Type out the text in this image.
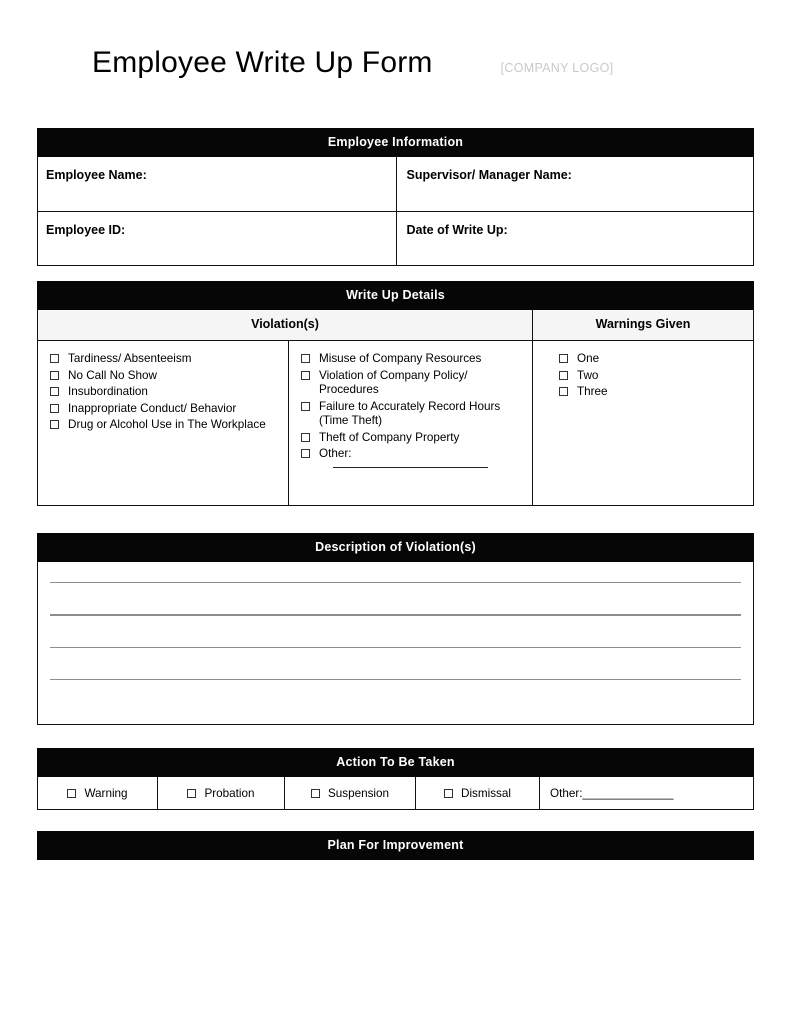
Employee Write Up Form	[COMPANY LOGO]
Employee Information
Employee Name:	Supervisor/ Manager Name:
Employee ID:	Date of Write Up:
Write Up Details
Violation(s)	Warnings Given
Tardiness/ Absenteeism
No Call No Show
Insubordination
Inappropriate Conduct/ Behavior
Drug or Alcohol Use in The Workplace
Misuse of Company Resources
Violation of Company Policy/ Procedures
Failure to Accurately Record Hours (Time Theft)
Theft of Company Property
Other:
One
Two
Three
Description of Violation(s)
Action To Be Taken
Warning	Probation	Suspension	Dismissal	Other: ______________
Plan For Improvement
